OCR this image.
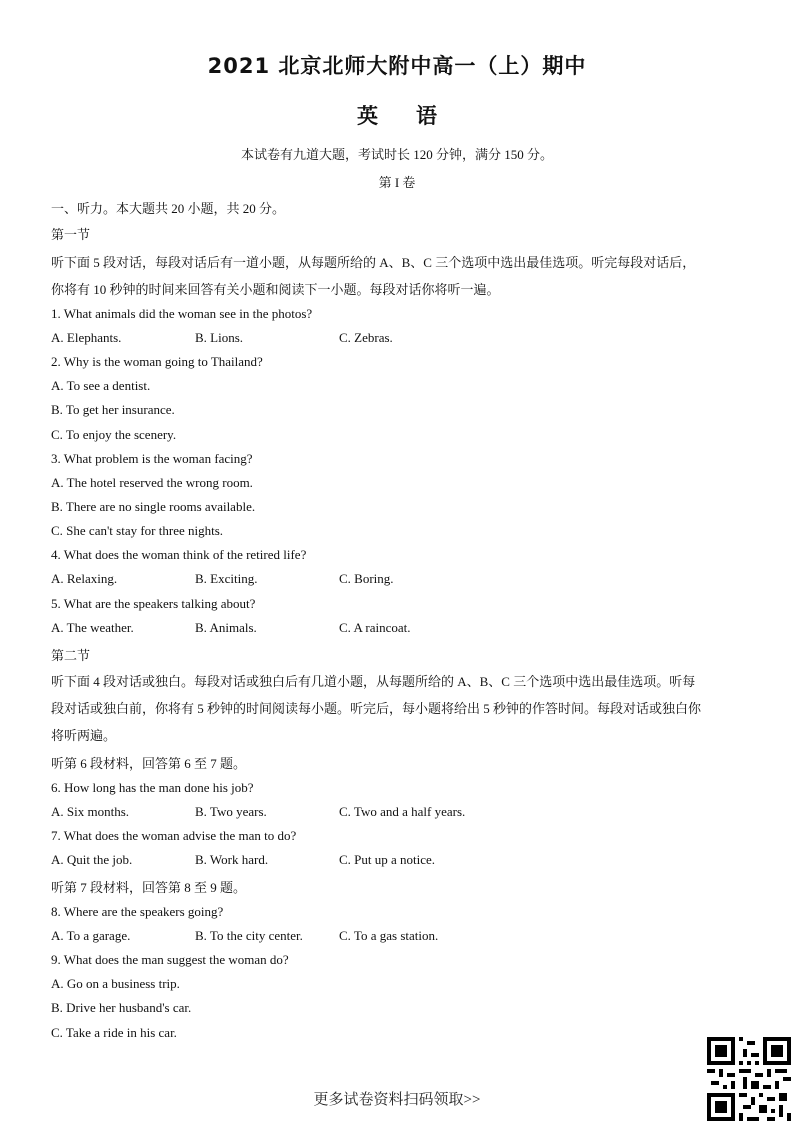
2021 北京北师大附中高一（上）期中
英语
本试卷有九道大题，考试时长 120 分钟，满分 150 分。
第 I 卷
一、听力。本大题共 20 小题，共 20 分。
第一节
听下面 5 段对话，每段对话后有一道小题，从每题所给的 A、B、C 三个选项中选出最佳选项。听完每段对话后，
你将有 10 秒钟的时间来回答有关小题和阅读下一小题。每段对话你将听一遍。
1. What animals did the woman see in the photos?
A. Elephants.	B. Lions.	C. Zebras.
2. Why is the woman going to Thailand?
A. To see a dentist.
B. To get her insurance.
C. To enjoy the scenery.
3. What problem is the woman facing?
A. The hotel reserved the wrong room.
B. There are no single rooms available.
C. She can't stay for three nights.
4. What does the woman think of the retired life?
A. Relaxing.	B. Exciting.	C. Boring.
5. What are the speakers talking about?
A. The weather.	B. Animals.	C. A raincoat.
第二节
听下面 4 段对话或独白。每段对话或独白后有几道小题，从每题所给的 A、B、C 三个选项中选出最佳选项。听每
段对话或独白前，你将有 5 秒钟的时间阅读每小题。听完后，每小题将给出 5 秒钟的作答时间。每段对话或独白你
将听两遍。
听第 6 段材料，回答第 6 至 7 题。
6. How long has the man done his job?
A. Six months.	B. Two years.	C. Two and a half years.
7. What does the woman advise the man to do?
A. Quit the job.	B. Work hard.	C. Put up a notice.
听第 7 段材料，回答第 8 至 9 题。
8. Where are the speakers going?
A. To a garage.	B. To the city center.	C. To a gas station.
9. What does the man suggest the woman do?
A. Go on a business trip.
B. Drive her husband's car.
C. Take a ride in his car.
更多试卷资料扫码领取>>
